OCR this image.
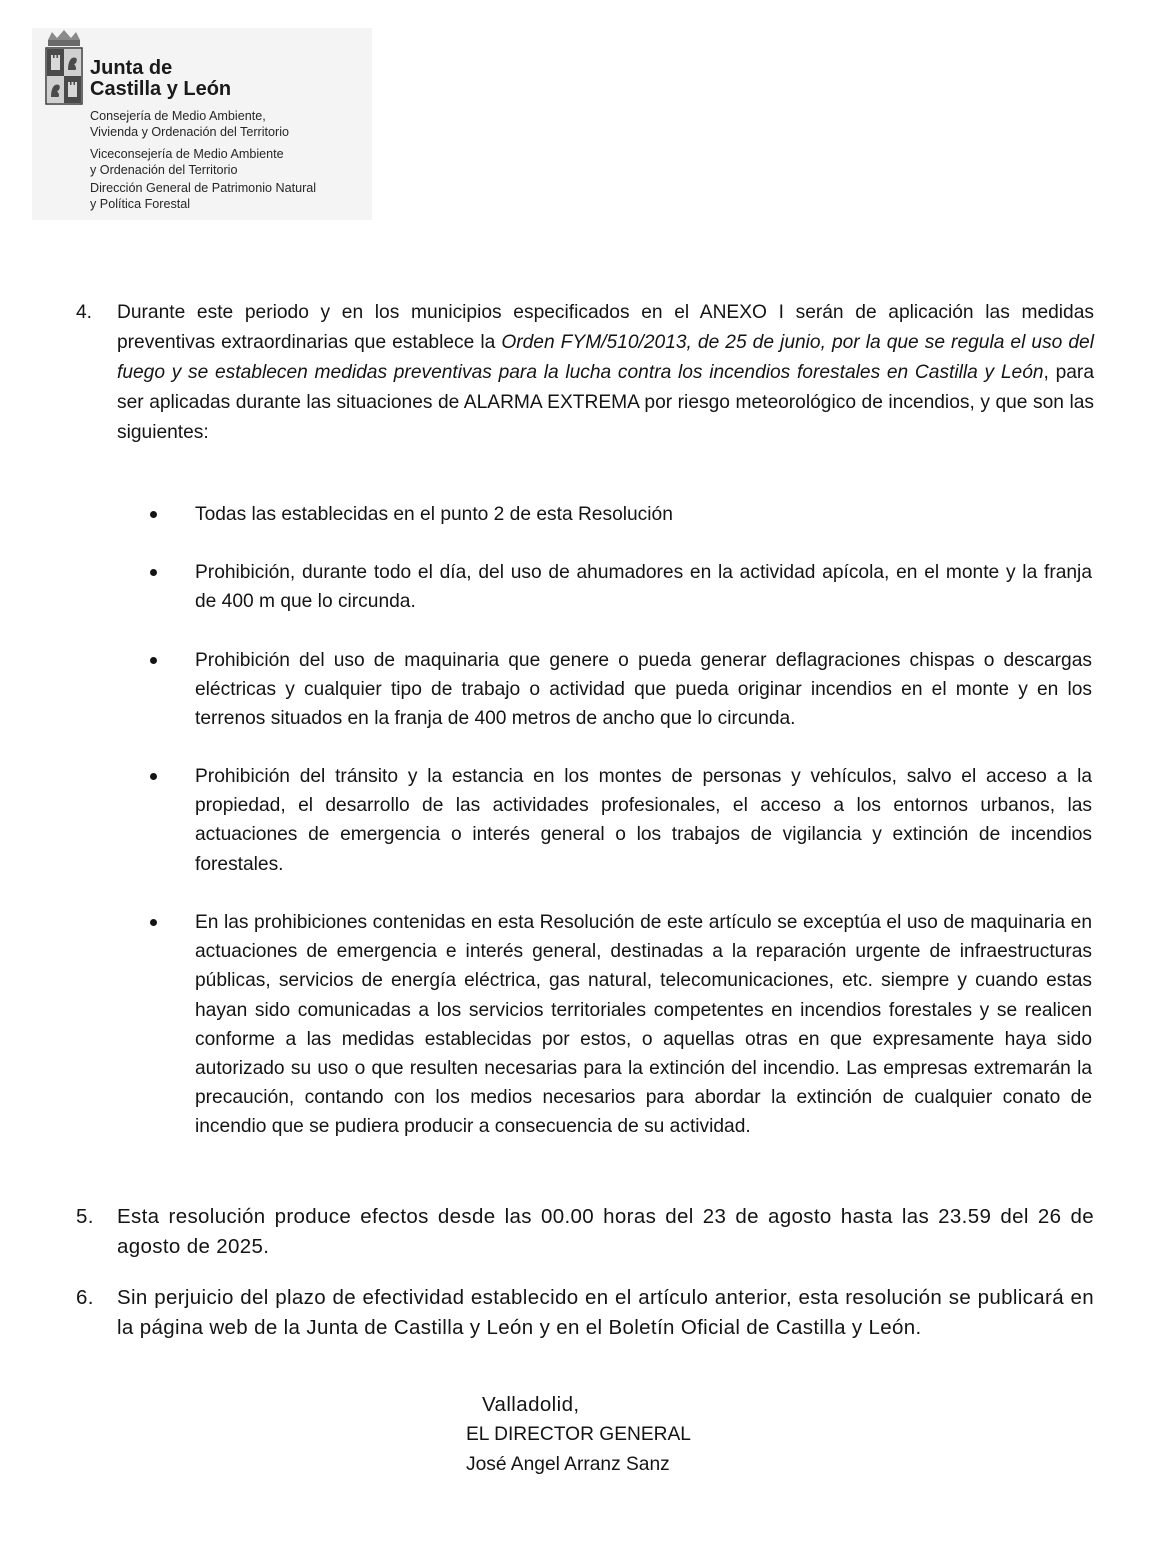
Junta de
Castilla y León
Consejería de Medio Ambiente,
Vivienda y Ordenación del Territorio
Viceconsejería de Medio Ambiente
y Ordenación del Territorio
Dirección General de Patrimonio Natural
y Política Forestal
4. Durante este periodo y en los municipios especificados en el ANEXO I serán de aplicación las medidas preventivas extraordinarias que establece la Orden FYM/510/2013, de 25 de junio, por la que se regula el uso del fuego y se establecen medidas preventivas para la lucha contra los incendios forestales en Castilla y León, para ser aplicadas durante las situaciones de ALARMA EXTREMA por riesgo meteorológico de incendios, y que son las siguientes:
Todas las establecidas en el punto 2 de esta Resolución
Prohibición, durante todo el día, del uso de ahumadores en la actividad apícola, en el monte y la franja de 400 m que lo circunda.
Prohibición del uso de maquinaria que genere o pueda generar deflagraciones chispas o descargas eléctricas y cualquier tipo de trabajo o actividad que pueda originar incendios en el monte y en los terrenos situados en la franja de 400 metros de ancho que lo circunda.
Prohibición del tránsito y la estancia en los montes de personas y vehículos, salvo el acceso a la propiedad, el desarrollo de las actividades profesionales, el acceso a los entornos urbanos, las actuaciones de emergencia o interés general o los trabajos de vigilancia y extinción de incendios forestales.
En las prohibiciones contenidas en esta Resolución de este artículo se exceptúa el uso de maquinaria en actuaciones de emergencia e interés general, destinadas a la reparación urgente de infraestructuras públicas, servicios de energía eléctrica, gas natural, telecomunicaciones, etc. siempre y cuando estas hayan sido comunicadas a los servicios territoriales competentes en incendios forestales y se realicen conforme a las medidas establecidas por estos, o aquellas otras en que expresamente haya sido autorizado su uso o que resulten necesarias para la extinción del incendio. Las empresas extremarán la precaución, contando con los medios necesarios para abordar la extinción de cualquier conato de incendio que se pudiera producir a consecuencia de su actividad.
5. Esta resolución produce efectos desde las 00.00 horas del 23 de agosto hasta las 23.59 del 26 de agosto de 2025.
6. Sin perjuicio del plazo de efectividad establecido en el artículo anterior, esta resolución se publicará en la página web de la Junta de Castilla y León y en el Boletín Oficial de Castilla y León.
Valladolid,
EL DIRECTOR GENERAL
José Angel Arranz Sanz
